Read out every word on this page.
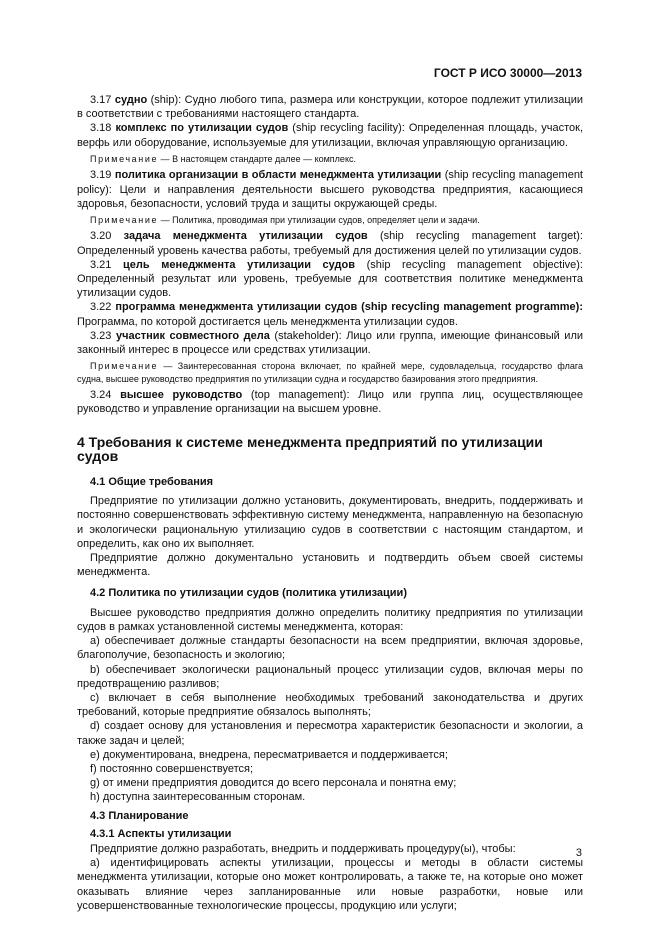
ГОСТ Р ИСО 30000—2013

3.17 судно (ship): Судно любого типа, размера или конструкции, которое подлежит утилизации в соответствии с требованиями настоящего стандарта.

3.18 комплекс по утилизации судов (ship recycling facility): Определенная площадь, участок, верфь или оборудование, используемые для утилизации, включая управляющую организацию.

Примечание — В настоящем стандарте далее — комплекс.

3.19 политика организации в области менеджмента утилизации (ship recycling management policy): Цели и направления деятельности высшего руководства предприятия, касающиеся здоровья, безопасности, условий труда и защиты окружающей среды.

Примечание — Политика, проводимая при утилизации судов, определяет цели и задачи.

3.20 задача менеджмента утилизации судов (ship recycling management target): Определенный уровень качества работы, требуемый для достижения целей по утилизации судов.

3.21 цель менеджмента утилизации судов (ship recycling management objective): Определенный результат или уровень, требуемые для соответствия политике менеджмента утилизации судов.

3.22 программа менеджмента утилизации судов (ship recycling management programme): Программа, по которой достигается цель менеджмента утилизации судов.

3.23 участник совместного дела (stakeholder): Лицо или группа, имеющие финансовый или законный интерес в процессе или средствах утилизации.

Примечание — Заинтересованная сторона включает, по крайней мере, судовладельца, государство флага судна, высшее руководство предприятия по утилизации судна и государство базирования этого предприятия.

3.24 высшее руководство (top management): Лицо или группа лиц, осуществляющее руководство и управление организации на высшем уровне.

4 Требования к системе менеджмента предприятий по утилизации судов
4.1 Общие требования

Предприятие по утилизации должно установить, документировать, внедрить, поддерживать и постоянно совершенствовать эффективную систему менеджмента, направленную на безопасную и экологически рациональную утилизацию судов в соответствии с настоящим стандартом, и определить, как оно их выполняет.

Предприятие должно документально установить и подтвердить объем своей системы менеджмента.

4.2 Политика по утилизации судов (политика утилизации)

Высшее руководство предприятия должно определить политику предприятия по утилизации судов в рамках установленной системы менеджмента, которая:

a) обеспечивает должные стандарты безопасности на всем предприятии, включая здоровье, благополучие, безопасность и экологию;

b) обеспечивает экологически рациональный процесс утилизации судов, включая меры по предотвращению разливов;

c) включает в себя выполнение необходимых требований законодательства и других требований, которые предприятие обязалось выполнять;

d) создает основу для установления и пересмотра характеристик безопасности и экологии, а также задач и целей;

e) документирована, внедрена, пересматривается и поддерживается;

f) постоянно совершенствуется;

g) от имени предприятия доводится до всего персонала и понятна ему;

h) доступна заинтересованным сторонам.

4.3 Планирование
4.3.1 Аспекты утилизации

Предприятие должно разработать, внедрить и поддерживать процедуру(ы), чтобы:

a) идентифицировать аспекты утилизации, процессы и методы в области системы менеджмента утилизации, которые оно может контролировать, а также те, на которые оно может оказывать влияние через запланированные или новые разработки, новые или усовершенствованные технологические процессы, продукцию или услуги;

3
